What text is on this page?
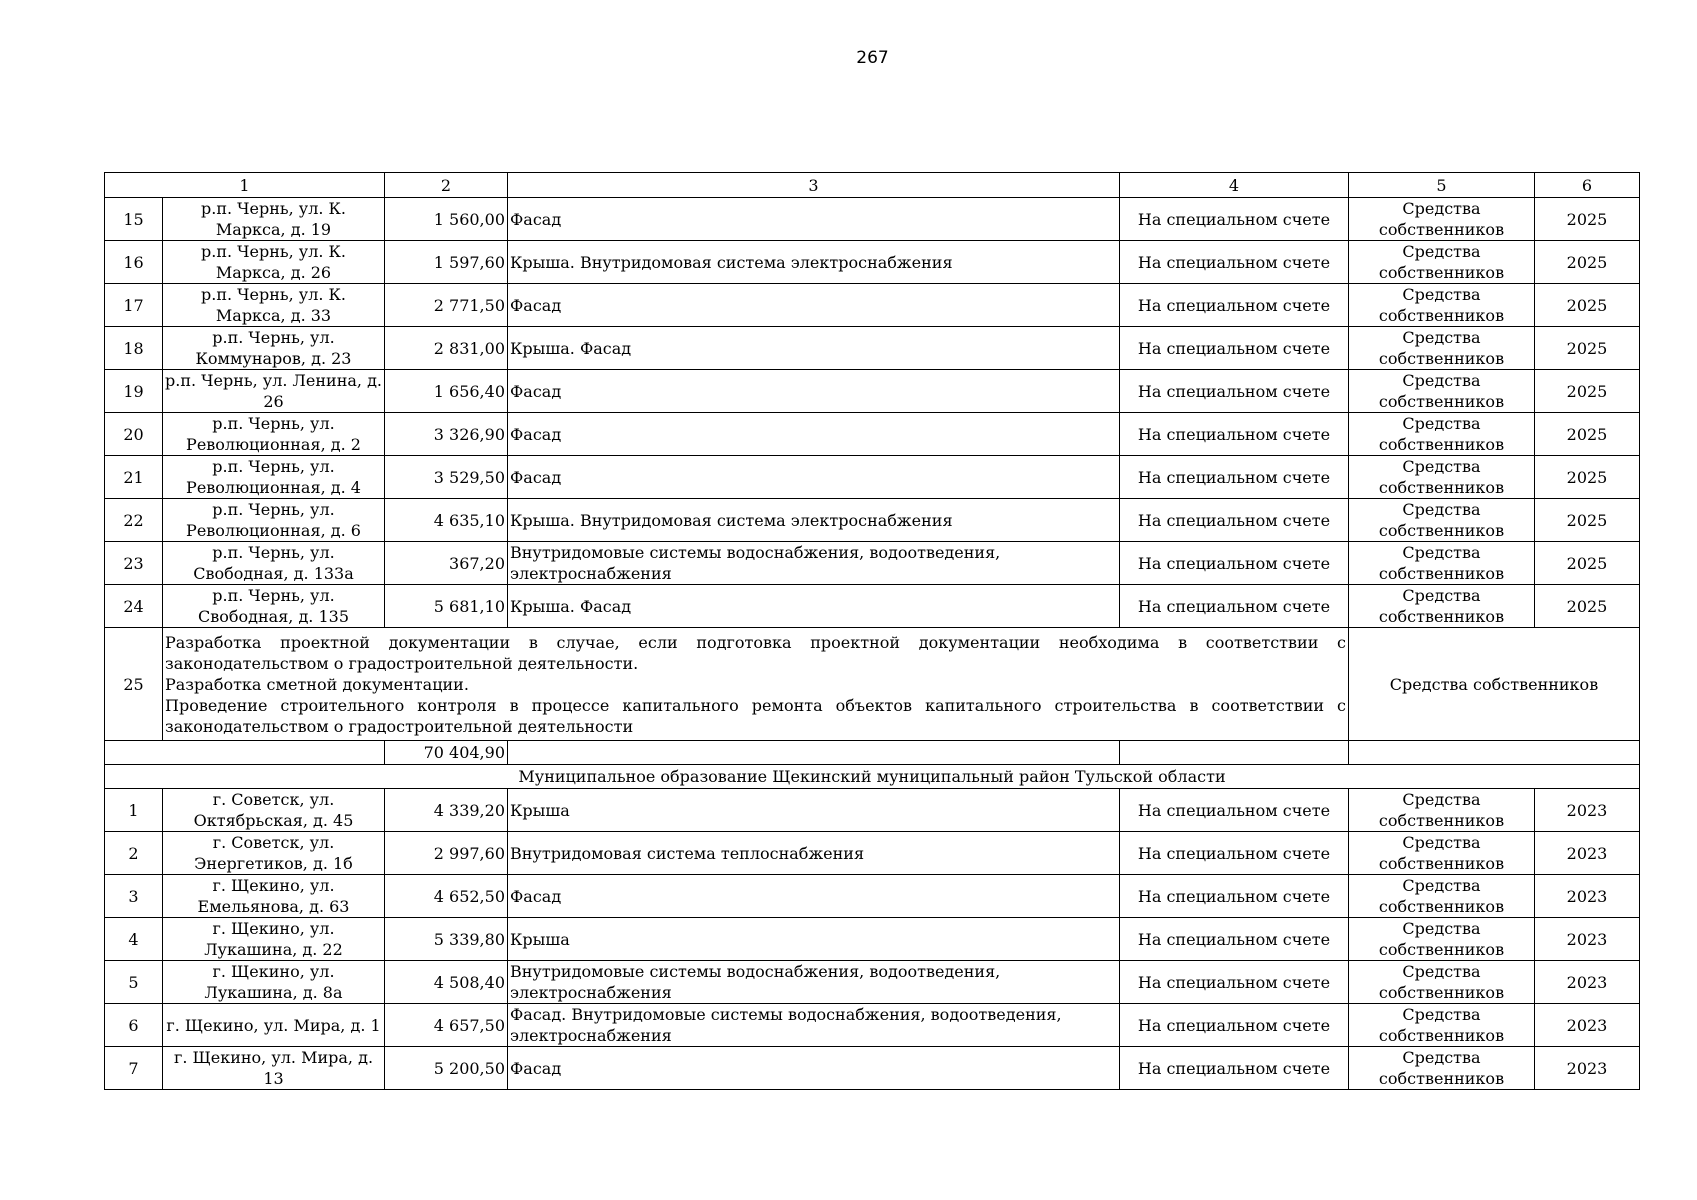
267
1		2	3	4	5	6
15	р.п. Чернь, ул. К. Маркса, д. 19	1 560,00	Фасад	На специальном счете	Средства собственников	2025
16	р.п. Чернь, ул. К. Маркса, д. 26	1 597,60	Крыша. Внутридомовая система электроснабжения	На специальном счете	Средства собственников	2025
17	р.п. Чернь, ул. К. Маркса, д. 33	2 771,50	Фасад	На специальном счете	Средства собственников	2025
18	р.п. Чернь, ул. Коммунаров, д. 23	2 831,00	Крыша. Фасад	На специальном счете	Средства собственников	2025
19	р.п. Чернь, ул. Ленина, д. 26	1 656,40	Фасад	На специальном счете	Средства собственников	2025
20	р.п. Чернь, ул. Революционная, д. 2	3 326,90	Фасад	На специальном счете	Средства собственников	2025
21	р.п. Чернь, ул. Революционная, д. 4	3 529,50	Фасад	На специальном счете	Средства собственников	2025
22	р.п. Чернь, ул. Революционная, д. 6	4 635,10	Крыша. Внутридомовая система электроснабжения	На специальном счете	Средства собственников	2025
23	р.п. Чернь, ул. Свободная, д. 133а	367,20	Внутридомовые системы водоснабжения, водоотведения, электроснабжения	На специальном счете	Средства собственников	2025
24	р.п. Чернь, ул. Свободная, д. 135	5 681,10	Крыша. Фасад	На специальном счете	Средства собственников	2025
25	Разработка проектной документации в случае, если подготовка проектной документации необходима в соответствии с законодательством о градостроительной деятельности.

Разработка сметной документации.

Проведение строительного контроля в процессе капитального ремонта объектов капитального строительства в соответствии с законодательством о градостроительной деятельности				Средства собственников	
		70 404,90				
Муниципальное образование Щекинский муниципальный район Тульской области						
1	г. Советск, ул. Октябрьская, д. 45	4 339,20	Крыша	На специальном счете	Средства собственников	2023
2	г. Советск, ул. Энергетиков, д. 1б	2 997,60	Внутридомовая система теплоснабжения	На специальном счете	Средства собственников	2023
3	г. Щекино, ул. Емельянова, д. 63	4 652,50	Фасад	На специальном счете	Средства собственников	2023
4	г. Щекино, ул. Лукашина, д. 22	5 339,80	Крыша	На специальном счете	Средства собственников	2023
5	г. Щекино, ул. Лукашина, д. 8а	4 508,40	Внутридомовые системы водоснабжения, водоотведения, электроснабжения	На специальном счете	Средства собственников	2023
6	г. Щекино, ул. Мира, д. 1	4 657,50	Фасад. Внутридомовые системы водоснабжения, водоотведения, электроснабжения	На специальном счете	Средства собственников	2023
7	г. Щекино, ул. Мира, д. 13	5 200,50	Фасад	На специальном счете	Средства собственников	2023
